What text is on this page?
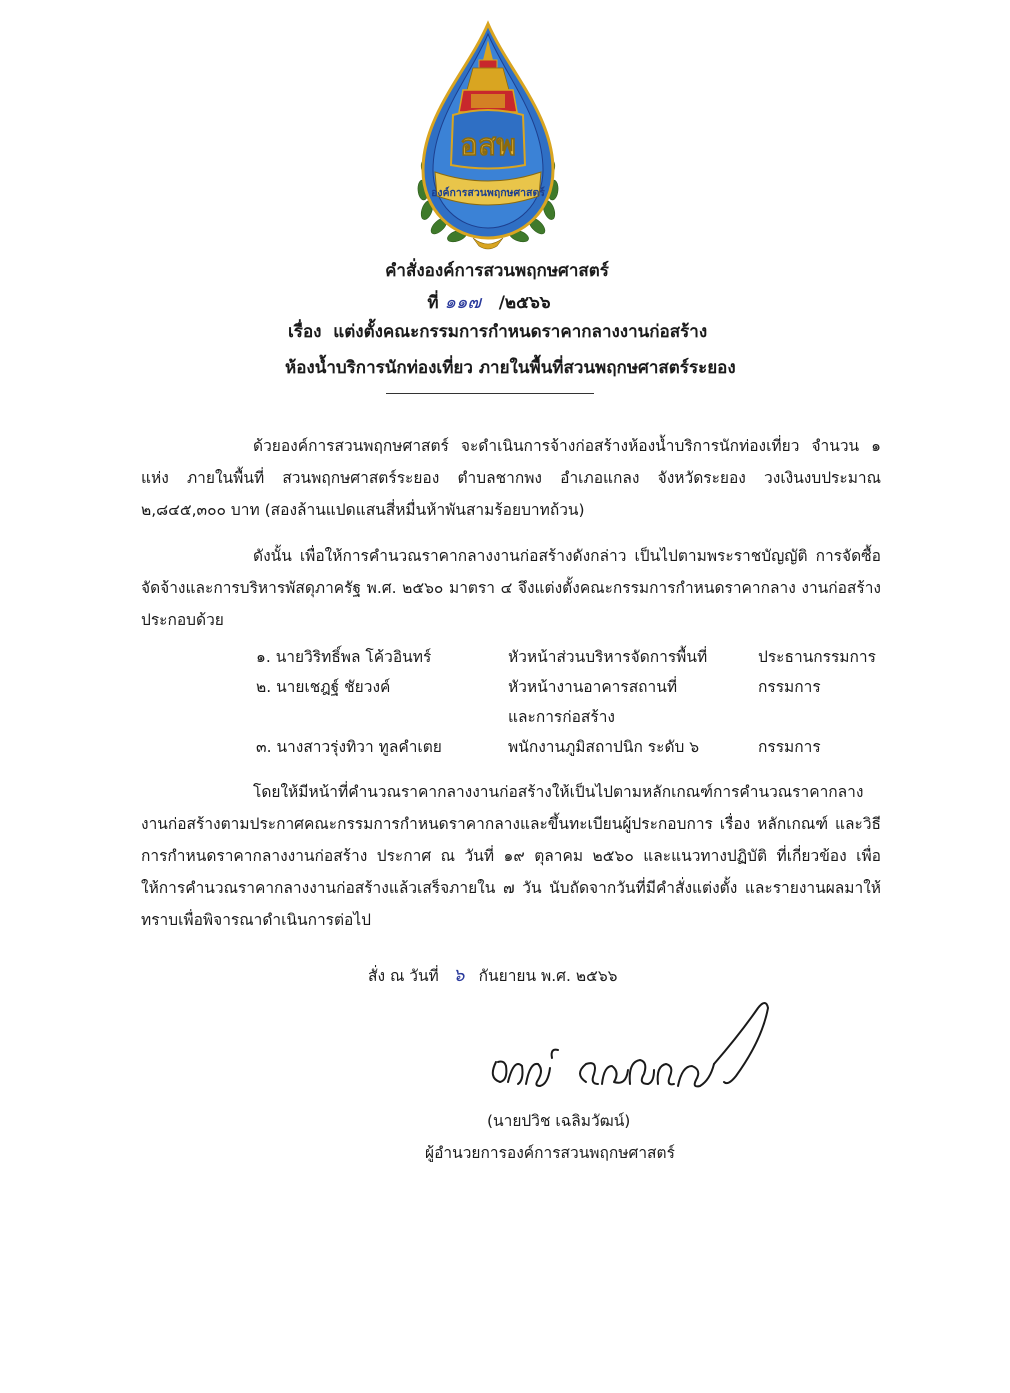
อสพ
องค์การสวนพฤกษศาสตร์
คำสั่งองค์การสวนพฤกษศาสตร์
ที่ ๑๑๗ /๒๕๖๖
เรื่อง แต่งตั้งคณะกรรมการกำหนดราคากลางงานก่อสร้าง
ห้องน้ำบริการนักท่องเที่ยว ภายในพื้นที่สวนพฤกษศาสตร์ระยอง
ด้วยองค์การสวนพฤกษศาสตร์ จะดำเนินการจ้างก่อสร้างห้องน้ำบริการนักท่องเที่ยว จำนวน ๑ แห่ง ภายในพื้นที่ สวนพฤกษศาสตร์ระยอง ตำบลชากพง อำเภอแกลง จังหวัดระยอง วงเงินงบประมาณ ๒,๘๔๕,๓๐๐ บาท (สองล้านแปดแสนสี่หมื่นห้าพันสามร้อยบาทถ้วน)
ดังนั้น เพื่อให้การคำนวณราคากลางงานก่อสร้างดังกล่าว เป็นไปตามพระราชบัญญัติ การจัดซื้อจัดจ้างและการบริหารพัสดุภาครัฐ พ.ศ. ๒๕๖๐ มาตรา ๔ จึงแต่งตั้งคณะกรรมการกำหนดราคากลาง งานก่อสร้าง ประกอบด้วย
๑. นายวิริทธิ์พล โค้วอินทร์	หัวหน้าส่วนบริหารจัดการพื้นที่	ประธานกรรมการ
๒. นายเชฎฐ์ ชัยวงค์	หัวหน้างานอาคารสถานที่	กรรมการ
	และการก่อสร้าง	
๓. นางสาวรุ่งทิวา ทูลคำเตย	พนักงานภูมิสถาปนิก ระดับ ๖	กรรมการ
โดยให้มีหน้าที่คำนวณราคากลางงานก่อสร้างให้เป็นไปตามหลักเกณฑ์การคำนวณราคากลาง งานก่อสร้างตามประกาศคณะกรรมการกำหนดราคากลางและขึ้นทะเบียนผู้ประกอบการ เรื่อง หลักเกณฑ์ และวิธีการกำหนดราคากลางงานก่อสร้าง ประกาศ ณ วันที่ ๑๙ ตุลาคม ๒๕๖๐ และแนวทางปฏิบัติ ที่เกี่ยวข้อง เพื่อให้การคำนวณราคากลางงานก่อสร้างแล้วเสร็จภายใน ๗ วัน นับถัดจากวันที่มีคำสั่งแต่งตั้ง และรายงานผลมาให้ทราบเพื่อพิจารณาดำเนินการต่อไป
สั่ง ณ วันที่ ๖ กันยายน พ.ศ. ๒๕๖๖
(นายปวิช เฉลิมวัฒน์)
ผู้อำนวยการองค์การสวนพฤกษศาสตร์
